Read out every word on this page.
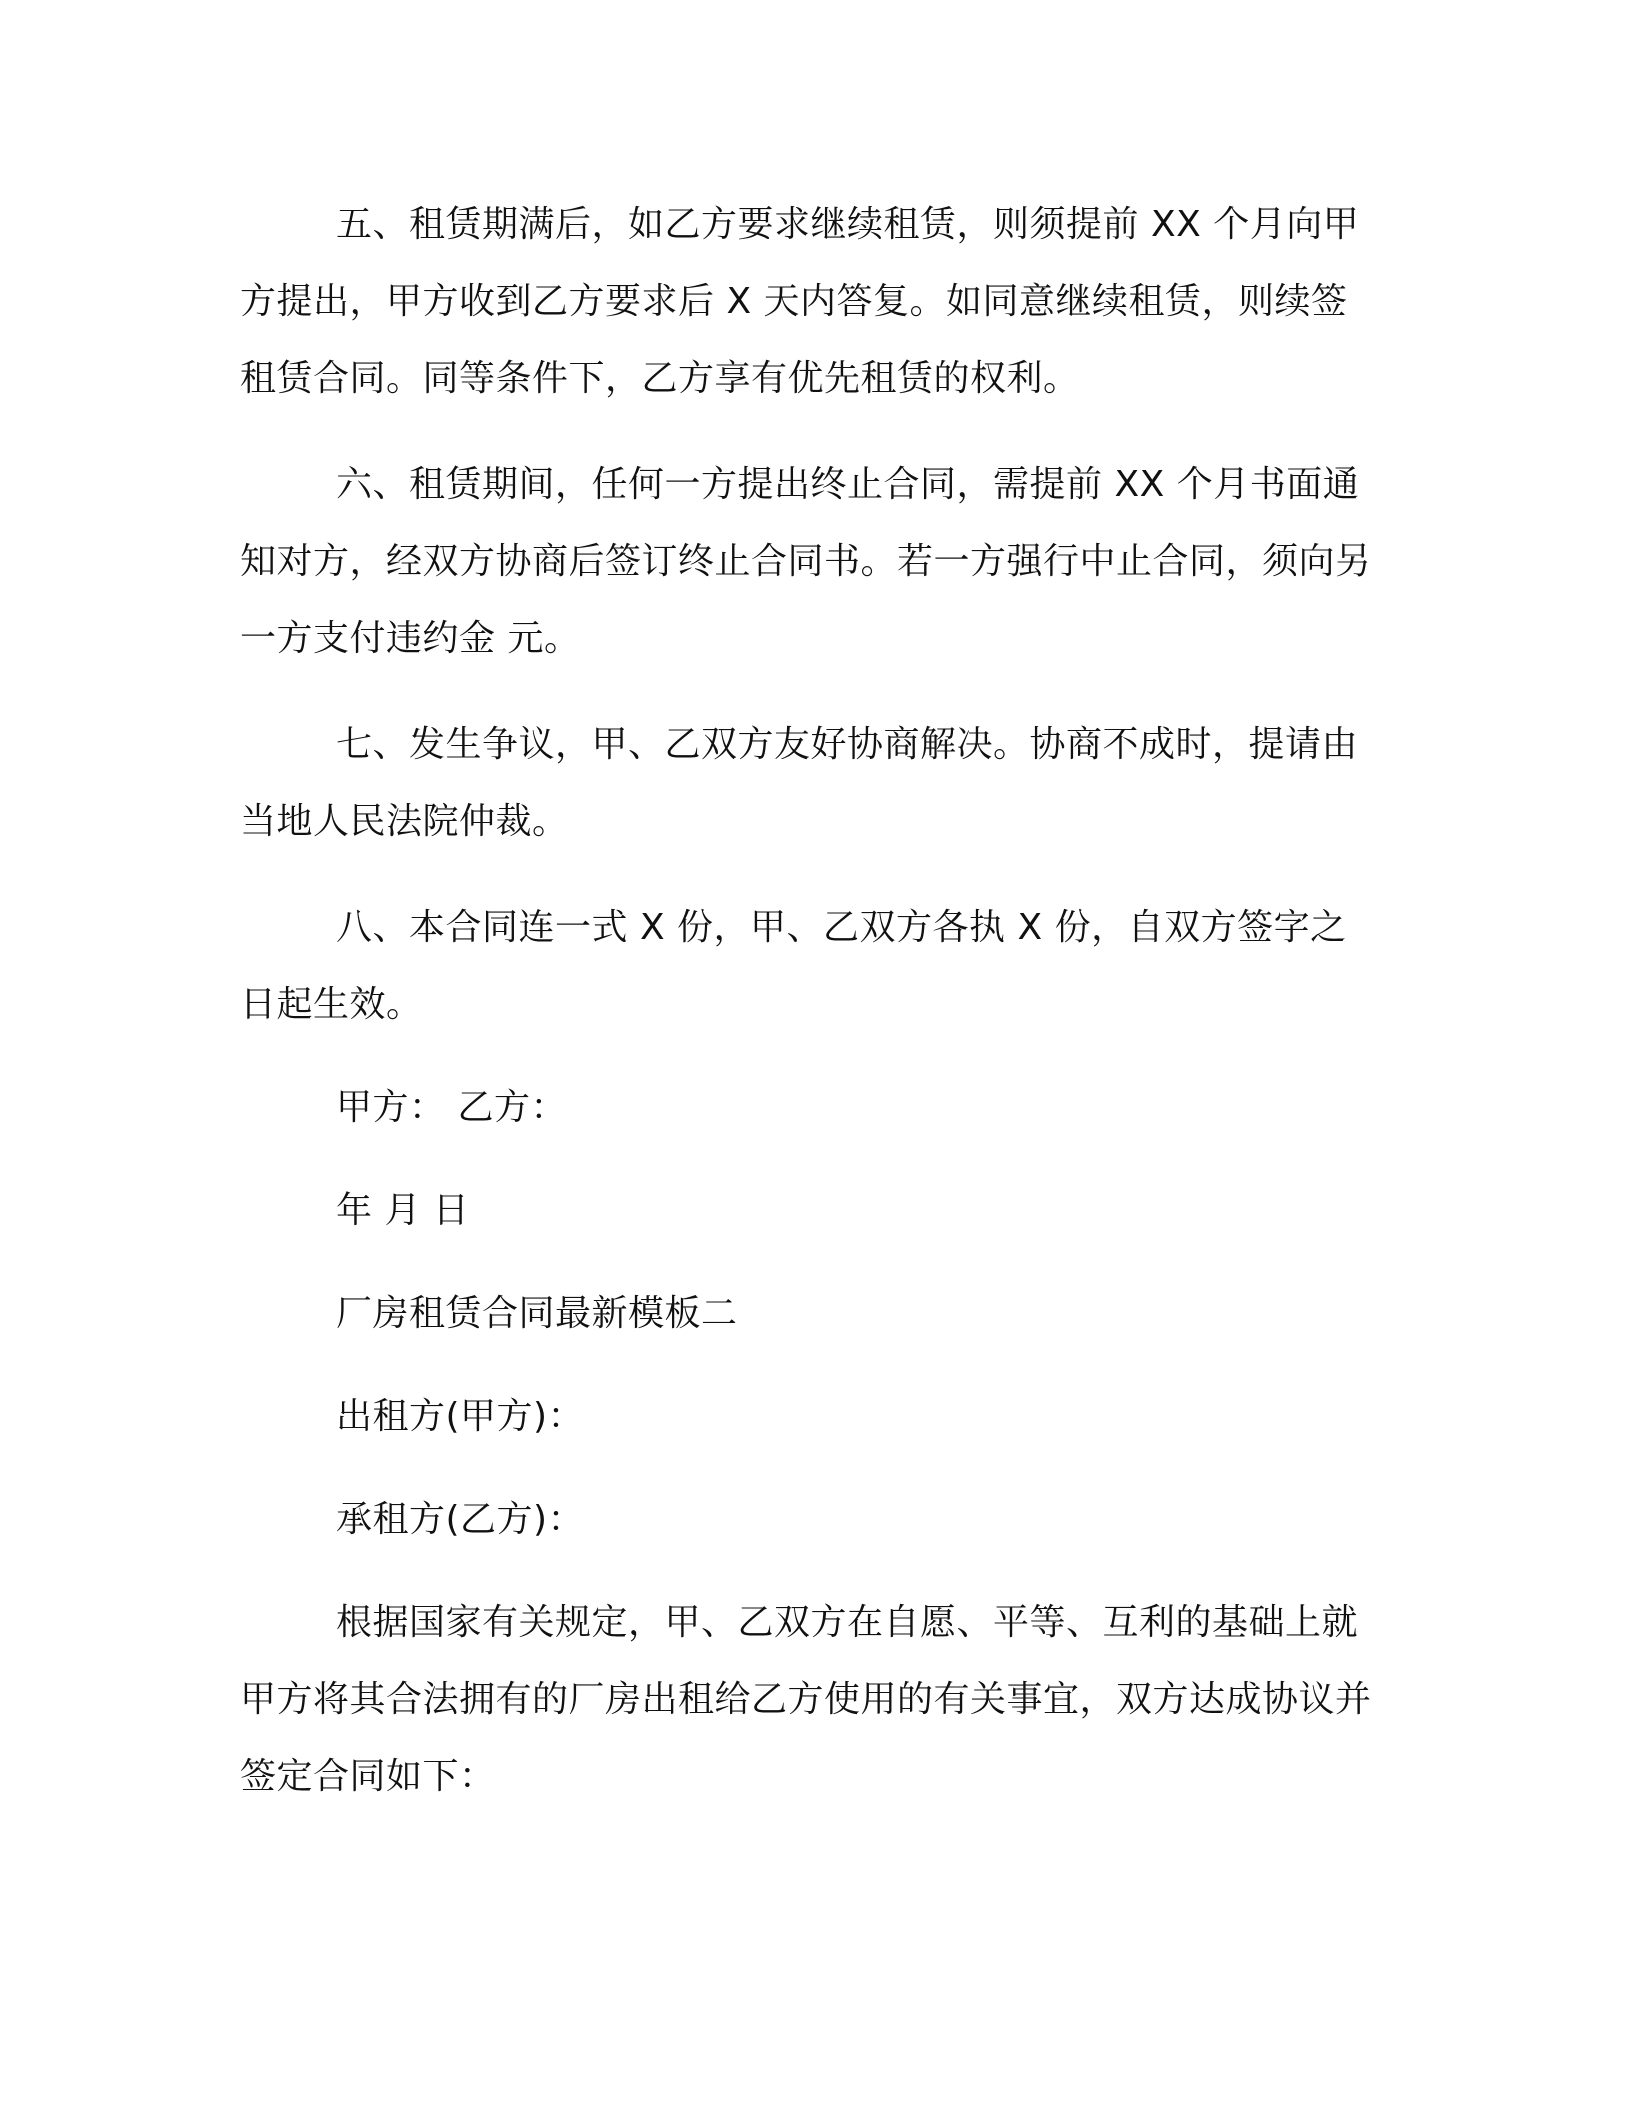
五、租赁期满后，如乙方要求继续租赁，则须提前 XX 个月向甲方提出，甲方收到乙方要求后 X 天内答复。如同意继续租赁，则续签租赁合同。同等条件下，乙方享有优先租赁的权利。

六、租赁期间，任何一方提出终止合同，需提前 XX 个月书面通知对方，经双方协商后签订终止合同书。若一方强行中止合同，须向另一方支付违约金 元。

七、发生争议，甲、乙双方友好协商解决。协商不成时，提请由当地人民法院仲裁。

八、本合同连一式 X 份，甲、乙双方各执 X 份，自双方签字之日起生效。

甲方： 乙方：

年 月 日

厂房租赁合同最新模板二

出租方(甲方)：

承租方(乙方)：

根据国家有关规定，甲、乙双方在自愿、平等、互利的基础上就甲方将其合法拥有的厂房出租给乙方使用的有关事宜，双方达成协议并签定合同如下：
